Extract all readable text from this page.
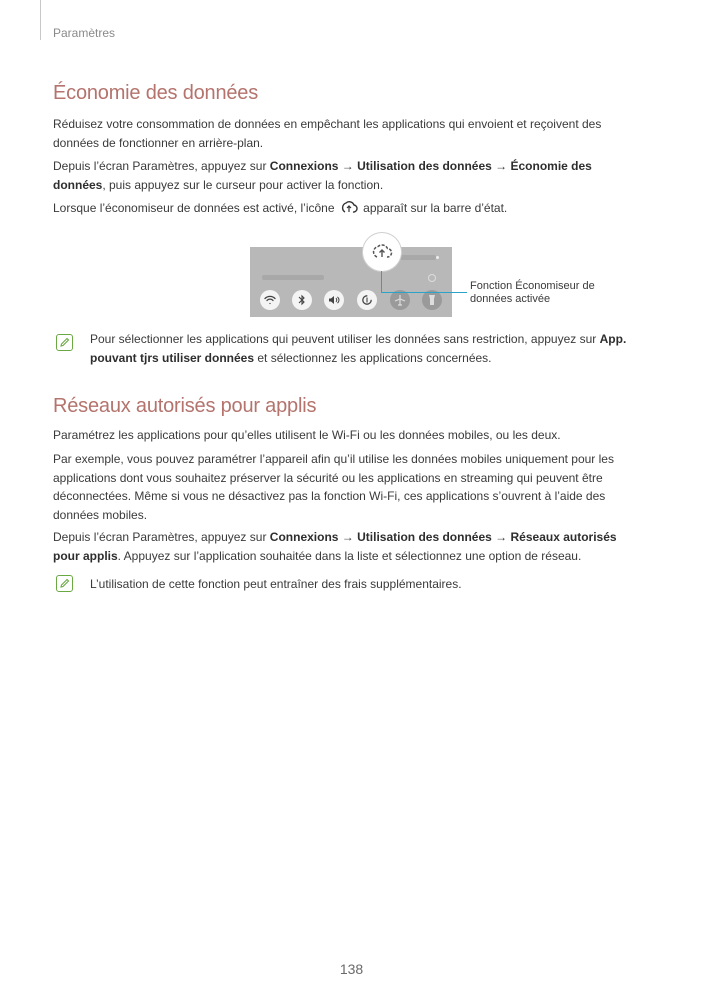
Paramètres
Économie des données

Réduisez votre consommation de données en empêchant les applications qui envoient et reçoivent des données de fonctionner en arrière-plan.

Depuis l’écran Paramètres, appuyez sur Connexions → Utilisation des données → Économie des données, puis appuyez sur le curseur pour activer la fonction.

Lorsque l’économiseur de données est activé, l’icône  apparaît sur la barre d’état.

Fonction Économiseur de données activée

Pour sélectionner les applications qui peuvent utiliser les données sans restriction, appuyez sur App. pouvant tjrs utiliser données et sélectionnez les applications concernées.

Réseaux autorisés pour applis

Paramétrez les applications pour qu’elles utilisent le Wi-Fi ou les données mobiles, ou les deux.

Par exemple, vous pouvez paramétrer l’appareil afin qu’il utilise les données mobiles uniquement pour les applications dont vous souhaitez préserver la sécurité ou les applications en streaming qui peuvent être déconnectées. Même si vous ne désactivez pas la fonction Wi-Fi, ces applications s’ouvrent à l’aide des données mobiles.

Depuis l’écran Paramètres, appuyez sur Connexions → Utilisation des données → Réseaux autorisés pour applis. Appuyez sur l’application souhaitée dans la liste et sélectionnez une option de réseau.

L’utilisation de cette fonction peut entraîner des frais supplémentaires.

138
